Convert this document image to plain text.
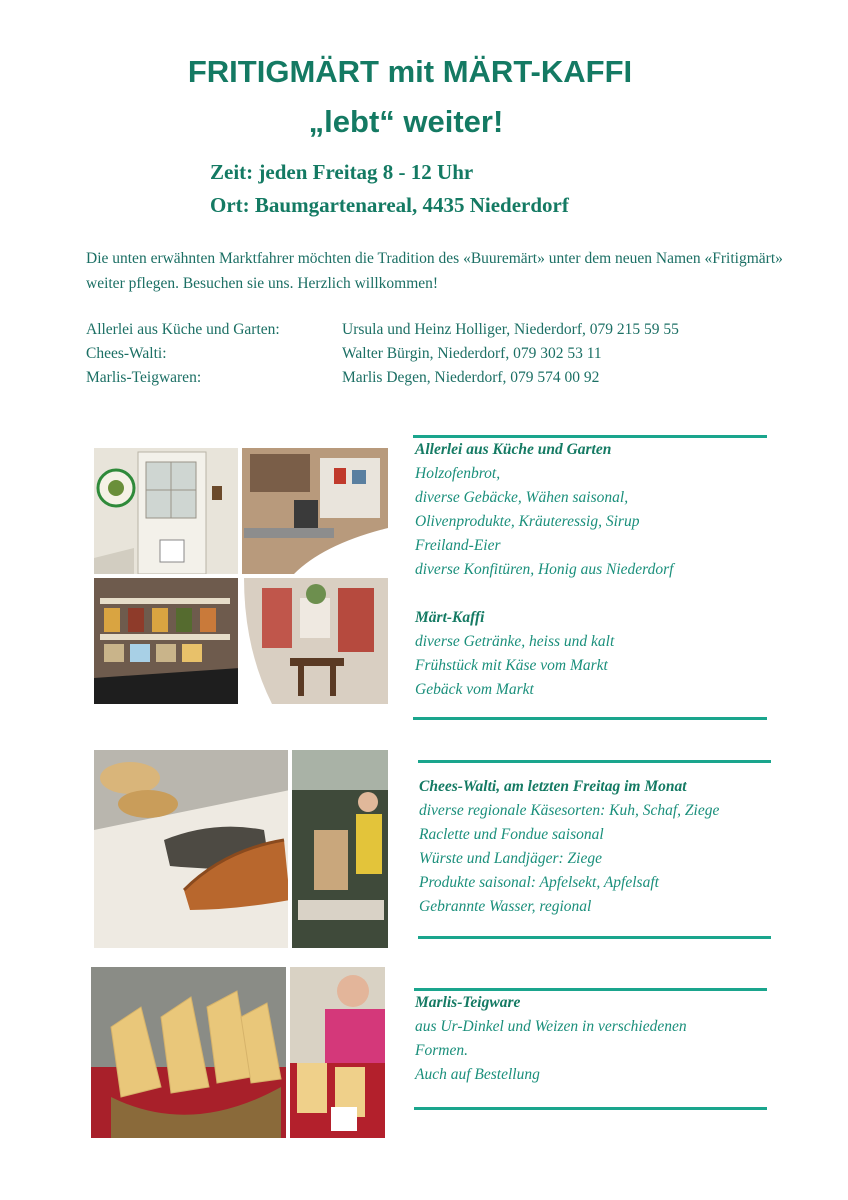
FRITIGMÄRT mit MÄRT-KAFFI
„lebt“ weiter!
Zeit: jeden Freitag 8 - 12 Uhr
Ort: Baumgartenareal, 4435 Niederdorf
Die unten erwähnten Marktfahrer möchten die Tradition des «Buuremärt» unter dem neuen Namen «Fritigmärt» weiter pflegen. Besuchen sie uns. Herzlich willkommen!
Allerlei aus Küche und Garten:	Ursula und Heinz Holliger, Niederdorf, 079 215 59 55
Chees-Walti:	Walter Bürgin, Niederdorf, 079 302 53 11
Marlis-Teigwaren:	Marlis Degen, Niederdorf, 079 574 00 92
Allerlei aus Küche und Garten
Holzofenbrot,
diverse Gebäcke, Wähen saisonal,
Olivenprodukte, Kräuteressig, Sirup
Freiland-Eier
diverse Konfitüren, Honig aus Niederdorf
Märt-Kaffi
diverse Getränke, heiss und kalt
Frühstück mit Käse vom Markt
Gebäck vom Markt
Chees-Walti, am letzten Freitag im Monat
diverse regionale Käsesorten: Kuh, Schaf, Ziege
Raclette und Fondue saisonal
Würste und Landjäger: Ziege
Produkte saisonal: Apfelsekt, Apfelsaft
Gebrannte Wasser, regional
Marlis-Teigware
aus Ur-Dinkel und Weizen in verschiedenen
Formen.
Auch auf Bestellung
